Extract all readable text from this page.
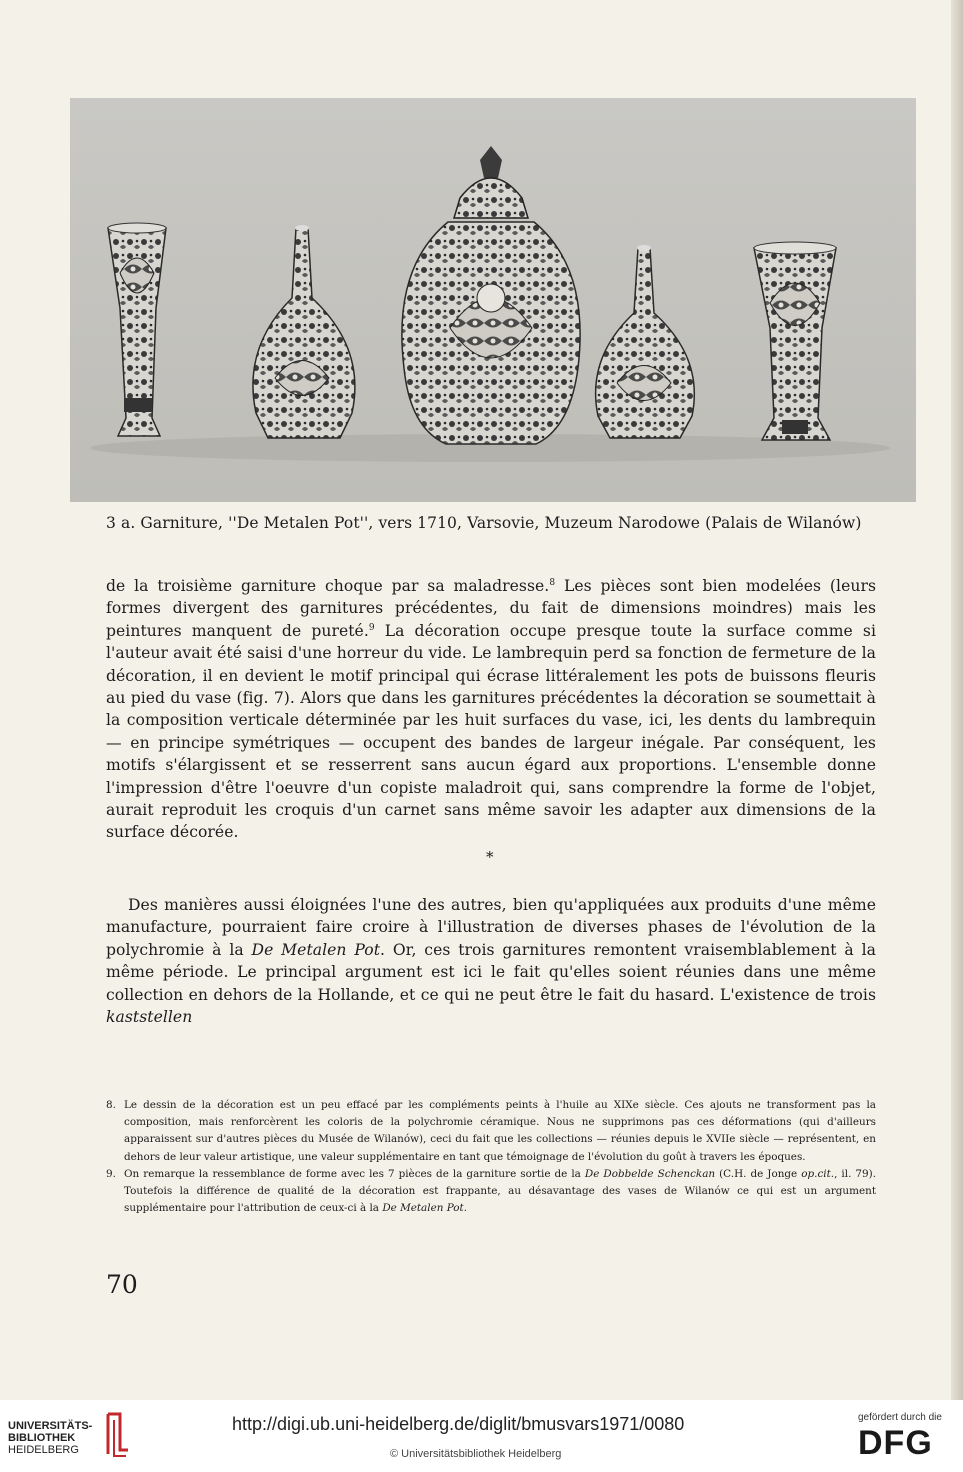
3 a. Garniture, ''De Metalen Pot'', vers 1710, Varsovie, Muzeum Narodowe (Palais de Wilanów)

de la troisième garniture choque par sa maladresse.$^8$ Les pièces sont bien modelées (leurs formes divergent des garnitures précédentes, du fait de dimensions moindres) mais les peintures manquent de pureté.$^9$ La décoration occupe presque toute la surface comme si l'auteur avait été saisi d'une horreur du vide. Le lambrequin perd sa fonction de fermeture de la décoration, il en devient le motif principal qui écrase littéralement les pots de buissons fleuris au pied du vase (fig. 7). Alors que dans les garnitures précédentes la décoration se soumettait à la composition verticale déterminée par les huit surfaces du vase, ici, les dents du lambrequin — en principe symétriques — occupent des bandes de largeur inégale. Par conséquent, les motifs s'élargissent et se resserrent sans aucun égard aux proportions. L'ensemble donne l'impression d'être l'oeuvre d'un copiste maladroit qui, sans comprendre la forme de l'objet, aurait reproduit les croquis d'un carnet sans même savoir les adapter aux dimensions de la surface décorée.

*

Des manières aussi éloignées l'une des autres, bien qu'appliquées aux produits d'une même manufacture, pourraient faire croire à l'illustration de diverses phases de l'évolution de la polychromie à la De Metalen Pot. Or, ces trois garnitures remontent vraisemblablement à la même période. Le principal argument est ici le fait qu'elles soient réunies dans une même collection en dehors de la Hollande, et ce qui ne peut être le fait du hasard. L'existence de trois kaststellen

8. Le dessin de la décoration est un peu effacé par les compléments peints à l'huile au XIXe siècle. Ces ajouts ne transforment pas la composition, mais renforcèrent les coloris de la polychromie céramique. Nous ne supprimons pas ces déformations (qui d'ailleurs apparaissent sur d'autres pièces du Musée de Wilanów), ceci du fait que les collections — réunies depuis le XVIIe siècle — représentent, en dehors de leur valeur artistique, une valeur supplémentaire en tant que témoignage de l'évolution du goût à travers les époques.
9. On remarque la ressemblance de forme avec les 7 pièces de la garniture sortie de la De Dobbelde Schenckan (C.H. de Jonge op.cit., il. 79). Toutefois la différence de qualité de la décoration est frappante, au désavantage des vases de Wilanów ce qui est un argument supplémentaire pour l'attribution de ceux-ci à la De Metalen Pot.
70
UNIVERSITÄTS-
BIBLIOTHEK
HEIDELBERG
http://digi.ub.uni-heidelberg.de/diglit/bmusvars1971/0080
© Universitätsbibliothek Heidelberg
gefördert durch die
DFG
